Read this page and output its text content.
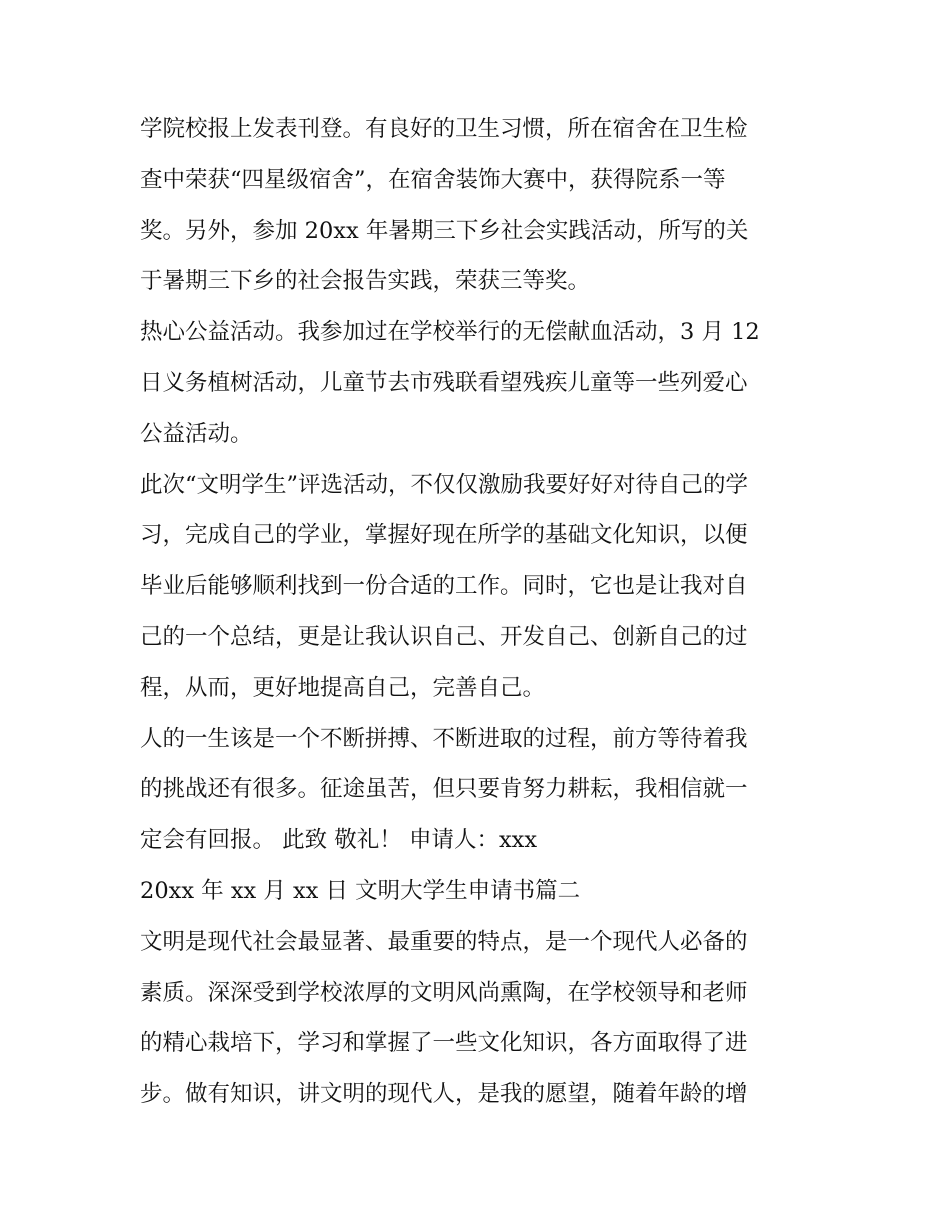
学院校报上发表刊登。有良好的卫生习惯，所在宿舍在卫生检
查中荣获“四星级宿舍”，在宿舍装饰大赛中，获得院系一等
奖。另外，参加 20xx 年暑期三下乡社会实践活动，所写的关
于暑期三下乡的社会报告实践，荣获三等奖。
热心公益活动。我参加过在学校举行的无偿献血活动，3 月 12
日义务植树活动，儿童节去市残联看望残疾儿童等一些列爱心
公益活动。
此次“文明学生”评选活动，不仅仅激励我要好好对待自己的学
习，完成自己的学业，掌握好现在所学的基础文化知识，以便
毕业后能够顺利找到一份合适的工作。同时，它也是让我对自
己的一个总结，更是让我认识自己、开发自己、创新自己的过
程，从而，更好地提高自己，完善自己。
人的一生该是一个不断拼搏、不断进取的过程，前方等待着我
的挑战还有很多。征途虽苦，但只要肯努力耕耘，我相信就一
定会有回报。 此致 敬礼！ 申请人：xxx
20xx 年 xx 月 xx 日 文明大学生申请书篇二
文明是现代社会最显著、最重要的特点，是一个现代人必备的
素质。深深受到学校浓厚的文明风尚熏陶，在学校领导和老师
的精心栽培下，学习和掌握了一些文化知识，各方面取得了进
步。做有知识，讲文明的现代人，是我的愿望，随着年龄的增
